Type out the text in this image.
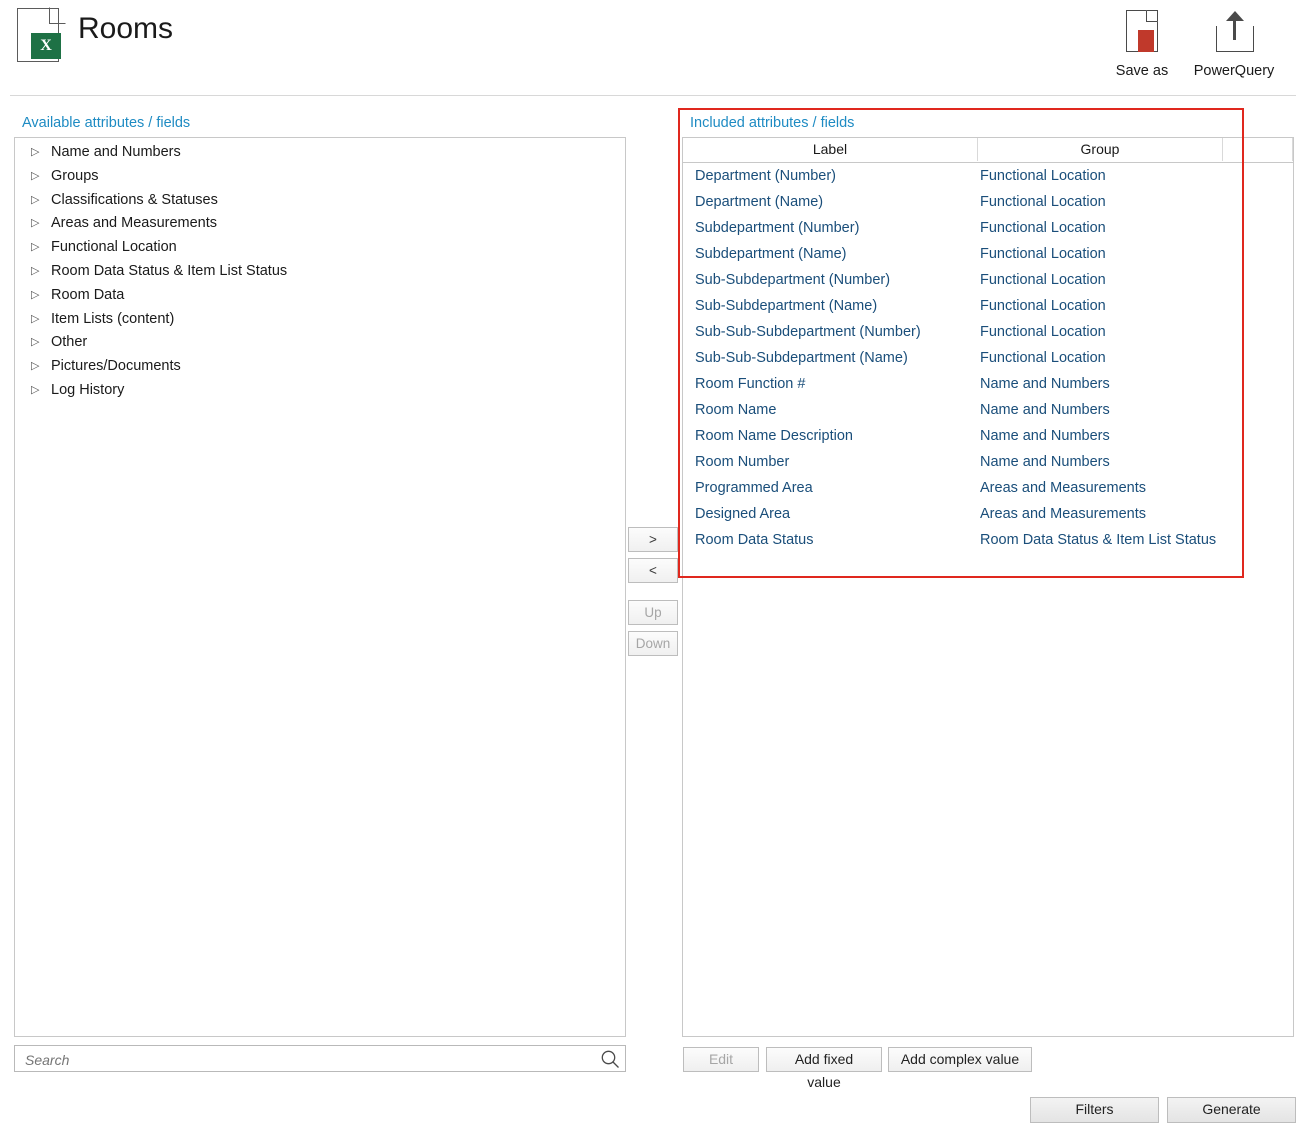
X
Rooms
Save as	PowerQuery
Available attributes / fields
▷ Name and Numbers
▷ Groups
▷ Classifications & Statuses
▷ Areas and Measurements
▷ Functional Location
▷ Room Data Status & Item List Status
▷ Room Data
▷ Item Lists (content)
▷ Other
▷ Pictures/Documents
▷ Log History
Search
>
<
Up
Down
Included attributes / fields
Label	Group
Department (Number)	Functional Location
Department (Name)	Functional Location
Subdepartment (Number)	Functional Location
Subdepartment (Name)	Functional Location
Sub-Subdepartment (Number)	Functional Location
Sub-Subdepartment (Name)	Functional Location
Sub-Sub-Subdepartment (Number)	Functional Location
Sub-Sub-Subdepartment (Name)	Functional Location
Room Function #	Name and Numbers
Room Name	Name and Numbers
Room Name Description	Name and Numbers
Room Number	Name and Numbers
Programmed Area	Areas and Measurements
Designed Area	Areas and Measurements
Room Data Status	Room Data Status & Item List Status
Edit	Add fixed value
Add complex value
Filters	Generate
